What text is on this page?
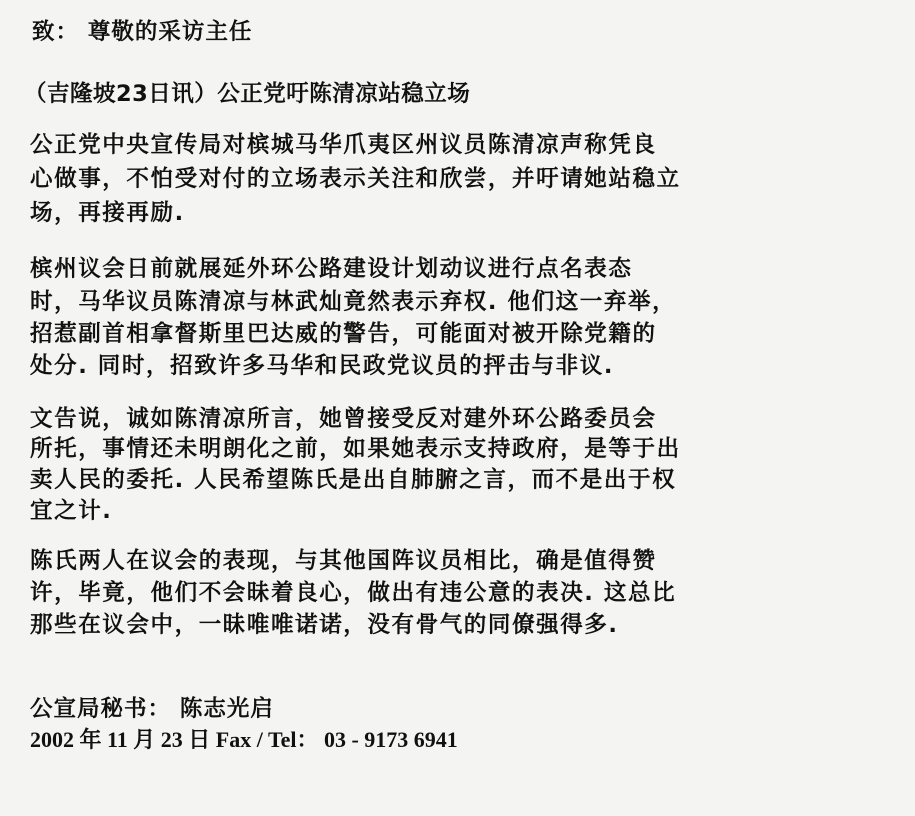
致： 尊敬的采访主任
（吉隆坡23日讯）公正党吁陈清凉站稳立场
公正党中央宣传局对槟城马华爪夷区州议员陈清凉声称凭良
心做事，不怕受对付的立场表示关注和欣尝，并吁请她站稳立
场，再接再励.
槟州议会日前就展延外环公路建设计划动议进行点名表态
时，马华议员陈清凉与林武灿竟然表示弃权. 他们这一弃举，
招惹副首相拿督斯里巴达威的警告，可能面对被开除党籍的
处分. 同时，招致许多马华和民政党议员的抨击与非议.
文告说，诚如陈清凉所言，她曾接受反对建外环公路委员会
所托，事情还未明朗化之前，如果她表示支持政府，是等于出
卖人民的委托. 人民希望陈氏是出自肺腑之言，而不是出于权
宜之计.
陈氏两人在议会的表现，与其他国阵议员相比，确是值得赞
许，毕竟，他们不会昧着良心，做出有违公意的表决. 这总比
那些在议会中，一昧唯唯诺诺，没有骨气的同僚强得多.
公宣局秘书： 陈志光启
2002 年 11 月 23 日 Fax / Tel： 03 - 9173 6941
